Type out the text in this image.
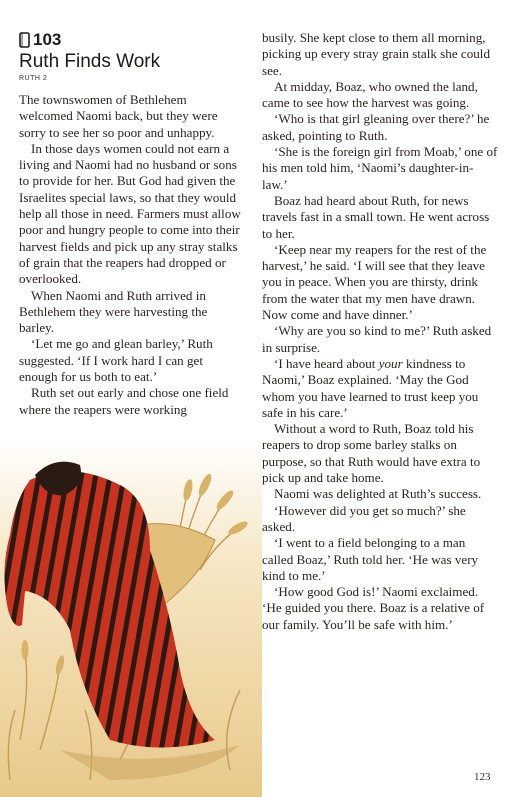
103
Ruth Finds Work
RUTH 2

The townswomen of Bethlehem welcomed Naomi back, but they were sorry to see her so poor and unhappy.

In those days women could not earn a living and Naomi had no husband or sons to provide for her. But God had given the Israelites special laws, so that they would help all those in need. Farmers must allow poor and hungry people to come into their harvest fields and pick up any stray stalks of grain that the reapers had dropped or overlooked.

When Naomi and Ruth arrived in Bethlehem they were harvesting the barley.

‘Let me go and glean barley,’ Ruth suggested. ‘If I work hard I can get enough for us both to eat.’

Ruth set out early and chose one field where the reapers were working

busily. She kept close to them all morning, picking up every stray grain stalk she could see.

At midday, Boaz, who owned the land, came to see how the harvest was going.

‘Who is that girl gleaning over there?’ he asked, pointing to Ruth.

‘She is the foreign girl from Moab,’ one of his men told him, ‘Naomi’s daughter-in-law.’

Boaz had heard about Ruth, for news travels fast in a small town. He went across to her.

‘Keep near my reapers for the rest of the harvest,’ he said. ‘I will see that they leave you in peace. When you are thirsty, drink from the water that my men have drawn. Now come and have dinner.’

‘Why are you so kind to me?’ Ruth asked in surprise.

‘I have heard about your kindness to Naomi,’ Boaz explained. ‘May the God whom you have learned to trust keep you safe in his care.’

Without a word to Ruth, Boaz told his reapers to drop some barley stalks on purpose, so that Ruth would have extra to pick up and take home.

Naomi was delighted at Ruth’s success.

‘However did you get so much?’ she asked.

‘I went to a field belonging to a man called Boaz,’ Ruth told her. ‘He was very kind to me.’

‘How good God is!’ Naomi exclaimed. ‘He guided you there. Boaz is a relative of our family. You’ll be safe with him.’

123
